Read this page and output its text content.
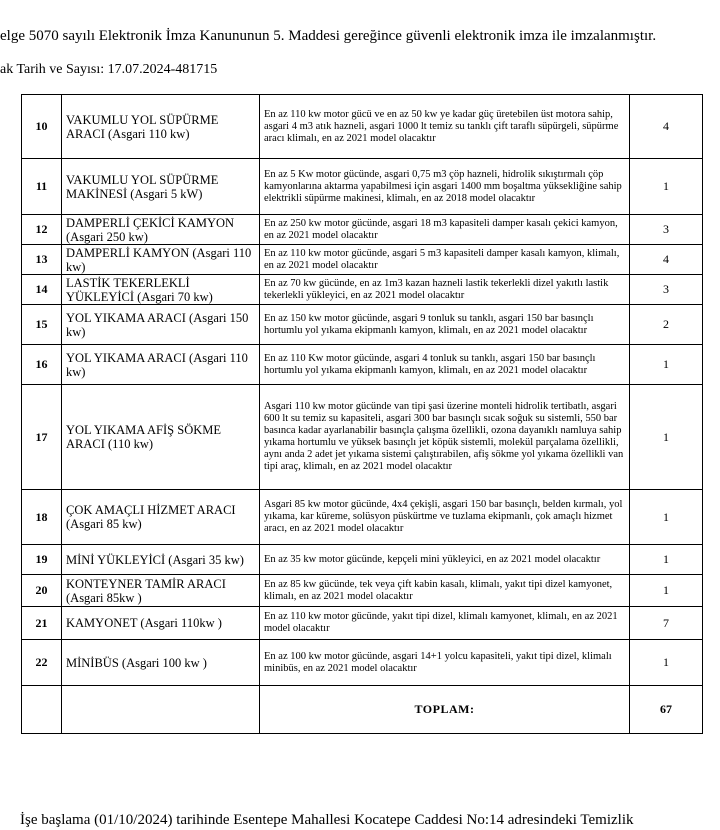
elge 5070 sayılı Elektronik İmza Kanununun 5. Maddesi gereğince güvenli elektronik imza ile imzalanmıştır.
ak Tarih ve Sayısı: 17.07.2024-481715
10	VAKUMLU YOL SÜPÜRME ARACI (Asgari 110 kw)	En az 110 kw motor gücü ve en az 50 kw ye kadar güç üretebilen üst motora sahip, asgari 4 m3 atık hazneli, asgari 1000 lt temiz su tanklı çift taraflı süpürgeli, süpürme aracı klimalı, en az 2021 model olacaktır	4
11	VAKUMLU YOL SÜPÜRME MAKİNESİ (Asgari 5 kW)	En az 5 Kw motor gücünde, asgari 0,75 m3 çöp hazneli, hidrolik sıkıştırmalı çöp kamyonlarına aktarma yapabilmesi için asgari 1400 mm boşaltma yüksekliğine sahip elektrikli süpürme makinesi, klimalı, en az 2018 model olacaktır	1
12	DAMPERLİ ÇEKİCİ KAMYON (Asgari 250 kw)	En az 250 kw motor gücünde, asgari 18 m3 kapasiteli damper kasalı çekici kamyon, en az 2021 model olacaktır	3
13	DAMPERLİ KAMYON (Asgari 110 kw)	En az 110 kw motor gücünde, asgari 5 m3 kapasiteli damper kasalı kamyon, klimalı, en az 2021 model olacaktır	4
14	LASTİK TEKERLEKLİ YÜKLEYİCİ (Asgari 70 kw)	En az 70 kw gücünde, en az 1m3 kazan hazneli lastik tekerlekli dizel yakıtlı lastik tekerlekli yükleyici, en az 2021 model olacaktır	3
15	YOL YIKAMA ARACI (Asgari 150 kw)	En az 150 kw motor gücünde, asgari 9 tonluk su tanklı, asgari 150 bar basınçlı hortumlu yol yıkama ekipmanlı kamyon, klimalı, en az 2021 model olacaktır	2
16	YOL YIKAMA ARACI (Asgari 110 kw)	En az 110 Kw motor gücünde, asgari 4 tonluk su tanklı, asgari 150 bar basınçlı hortumlu yol yıkama ekipmanlı kamyon, klimalı, en az 2021 model olacaktır	1
17	YOL YIKAMA AFİŞ SÖKME ARACI (110 kw)	Asgari 110 kw motor gücünde van tipi şasi üzerine monteli hidrolik tertibatlı, asgari 600 lt su temiz su kapasiteli, asgari 300 bar basınçlı sıcak soğuk su sistemli, 550 bar basınca kadar ayarlanabilir basınçla çalışma özellikli, ozona dayanıklı namluya sahip yıkama hortumlu ve yüksek basınçlı jet köpük sistemli, molekül parçalama özellikli, aynı anda 2 adet jet yıkama sistemi çalıştırabilen, afiş sökme yol yıkama özellikli van tipi araç, klimalı, en az 2021 model olacaktır	1
18	ÇOK AMAÇLI HİZMET ARACI (Asgari 85 kw)	Asgari 85 kw motor gücünde, 4x4 çekişli, asgari 150 bar basınçlı, belden kırmalı, yol yıkama, kar küreme, solüsyon püskürtme ve tuzlama ekipmanlı, çok amaçlı hizmet aracı, en az 2021 model olacaktır	1
19	MİNİ YÜKLEYİCİ (Asgari 35 kw)	En az 35 kw motor gücünde, kepçeli mini yükleyici, en az 2021 model olacaktır	1
20	KONTEYNER TAMİR ARACI (Asgari 85kw )	En az 85 kw gücünde, tek veya çift kabin kasalı, klimalı, yakıt tipi dizel kamyonet, klimalı, en az 2021 model olacaktır	1
21	KAMYONET (Asgari 110kw )	En az 110 kw motor gücünde, yakıt tipi dizel, klimalı kamyonet, klimalı, en az 2021 model olacaktır	7
22	MİNİBÜS (Asgari 100 kw )	En az 100 kw motor gücünde, asgari 14+1 yolcu kapasiteli, yakıt tipi dizel, klimalı minibüs, en az 2021 model olacaktır	1
		TOPLAM:	67
İşe başlama (01/10/2024) tarihinde Esentepe Mahallesi Kocatepe Caddesi No:14 adresindeki Temizlik
